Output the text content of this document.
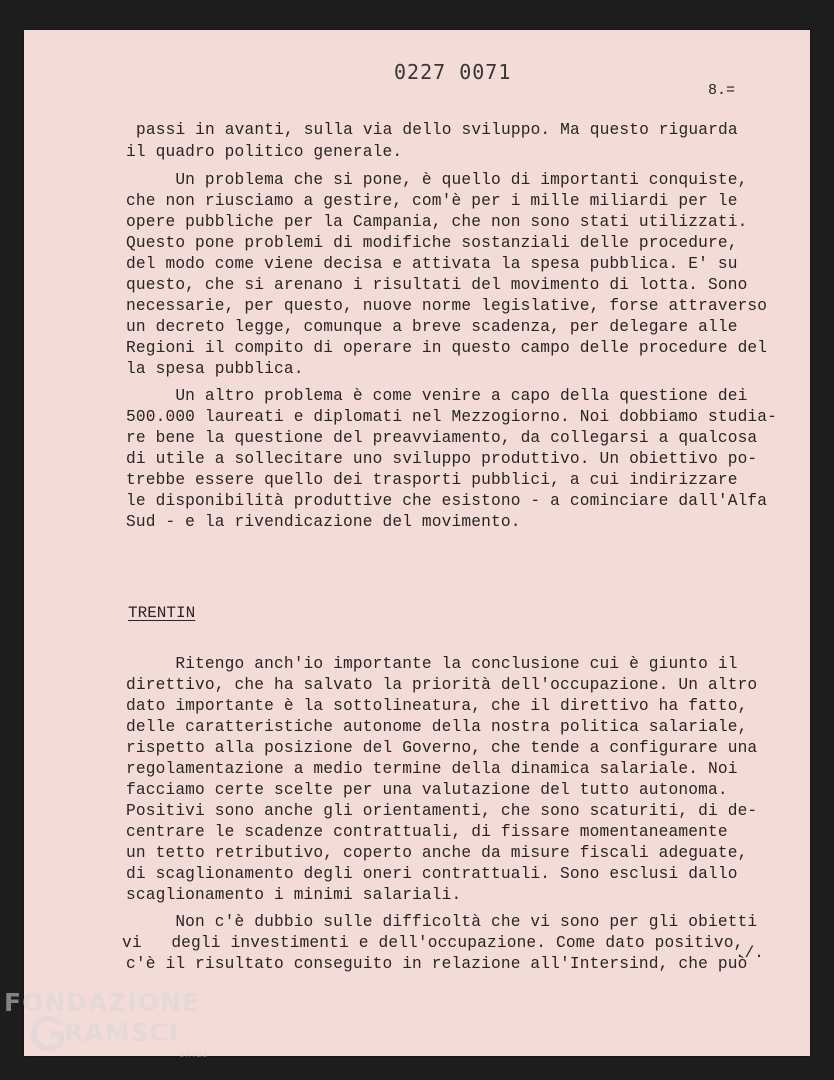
0227 0071
8.=
passi in avanti, sulla via dello sviluppo. Ma questo riguarda
il quadro politico generale.
Un problema che si pone, è quello di importanti conquiste,
che non riusciamo a gestire, com'è per i mille miliardi per le
opere pubbliche per la Campania, che non sono stati utilizzati.
Questo pone problemi di modifiche sostanziali delle procedure,
del modo come viene decisa e attivata la spesa pubblica. E' su
questo, che si arenano i risultati del movimento di lotta. Sono
necessarie, per questo, nuove norme legislative, forse attraverso
un decreto legge, comunque a breve scadenza, per delegare alle
Regioni il compito di operare in questo campo delle procedure del
la spesa pubblica.
Un altro problema è come venire a capo della questione dei
500.000 laureati e diplomati nel Mezzogiorno. Noi dobbiamo studia-
re bene la questione del preavviamento, da collegarsi a qualcosa
di utile a sollecitare uno sviluppo produttivo. Un obiettivo po-
trebbe essere quello dei trasporti pubblici, a cui indirizzare
le disponibilità produttive che esistono - a cominciare dall'Alfa
Sud - e la rivendicazione del movimento.
TRENTIN
Ritengo anch'io importante la conclusione cui è giunto il
direttivo, che ha salvato la priorità dell'occupazione. Un altro
dato importante è la sottolineatura, che il direttivo ha fatto,
delle caratteristiche autonome della nostra politica salariale,
rispetto alla posizione del Governo, che tende a configurare una
regolamentazione a medio termine della dinamica salariale. Noi
facciamo certe scelte per una valutazione del tutto autonoma.
Positivi sono anche gli orientamenti, che sono scaturiti, di de-
centrare le scadenze contrattuali, di fissare momentaneamente
un tetto retributivo, coperto anche da misure fiscali adeguate,
di scaglionamento degli oneri contrattuali. Sono esclusi dallo
scaglionamento i minimi salariali.
Non c'è dubbio sulle difficoltà che vi sono per gli obietti
vi   degli investimenti e dell'occupazione. Come dato positivo,
c'è il risultato conseguito in relazione all'Intersind, che può
./.
FONDAZIONE
RAMSCI
onlus
